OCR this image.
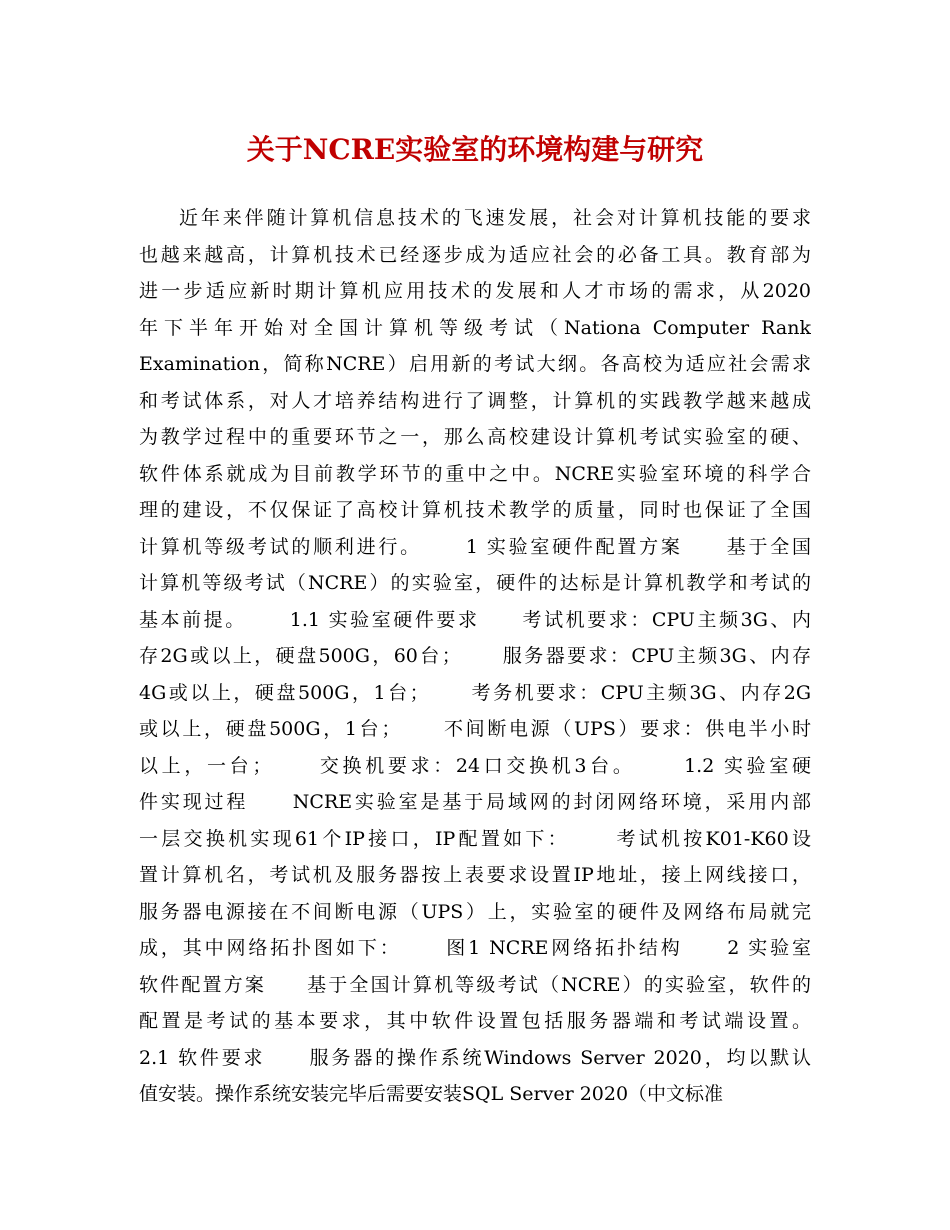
关于NCRE实验室的环境构建与研究
近年来伴随计算机信息技术的飞速发展，社会对计算机技能的要求
也越来越高，计算机技术已经逐步成为适应社会的必备工具。教育部为
进一步适应新时期计算机应用技术的发展和人才市场的需求，从2020
年下半年开始对全国计算机等级考试（Nationa Computer Rank
Examination，简称NCRE）启用新的考试大纲。各高校为适应社会需求
和考试体系，对人才培养结构进行了调整，计算机的实践教学越来越成
为教学过程中的重要环节之一，那么高校建设计算机考试实验室的硬、
软件体系就成为目前教学环节的重中之中。NCRE实验室环境的科学合
理的建设，不仅保证了高校计算机技术教学的质量，同时也保证了全国
计算机等级考试的顺利进行。     1 实验室硬件配置方案     基于全国
计算机等级考试（NCRE）的实验室，硬件的达标是计算机教学和考试的
基本前提。     1.1 实验室硬件要求     考试机要求：CPU主频3G、内
存2G或以上，硬盘500G，60台；     服务器要求：CPU主频3G、内存
4G或以上，硬盘500G，1台；     考务机要求：CPU主频3G、内存2G
或以上，硬盘500G，1台；     不间断电源（UPS）要求：供电半小时
以上，一台；     交换机要求：24口交换机3台。     1.2 实验室硬
件实现过程     NCRE实验室是基于局域网的封闭网络环境，采用内部
一层交换机实现61个IP接口，IP配置如下：     考试机按K01-K60设
置计算机名，考试机及服务器按上表要求设置IP地址，接上网线接口，
服务器电源接在不间断电源（UPS）上，实验室的硬件及网络布局就完
成，其中网络拓扑图如下：     图1 NCRE网络拓扑结构     2 实验室
软件配置方案     基于全国计算机等级考试（NCRE）的实验室，软件的
配置是考试的基本要求，其中软件设置包括服务器端和考试端设置。
2.1 软件要求     服务器的操作系统Windows Server 2020，均以默认
值安装。操作系统安装完毕后需要安装SQL Server 2020（中文标准
